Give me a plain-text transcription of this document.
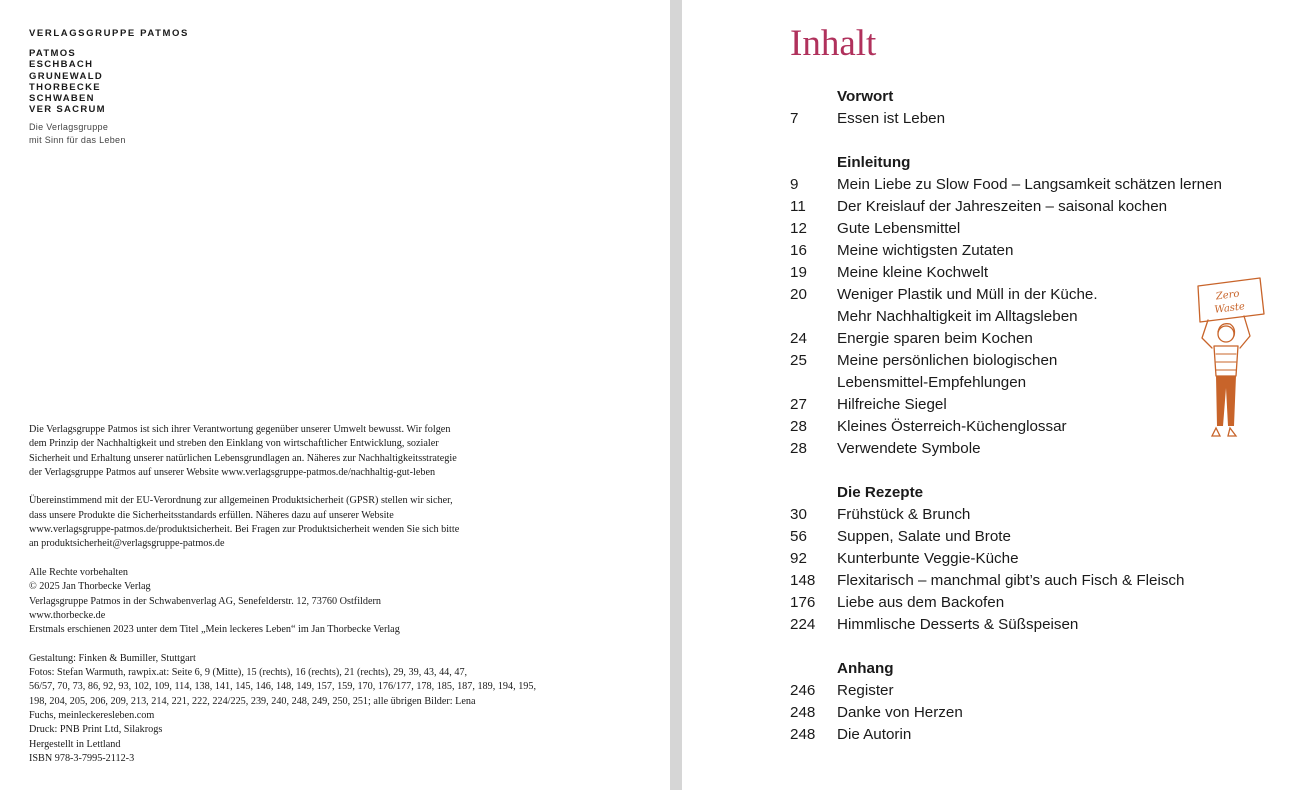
VERLAGSGRUPPE PATMOS
PATMOS
ESCHBACH
GRUNEWALD
THORBECKE
SCHWABEN
VER SACRUM
Die Verlagsgruppe
mit Sinn für das Leben

Die Verlagsgruppe Patmos ist sich ihrer Verantwortung gegenüber unserer Umwelt bewusst. Wir folgen
dem Prinzip der Nachhaltigkeit und streben den Einklang von wirtschaftlicher Entwicklung, sozialer
Sicherheit und Erhaltung unserer natürlichen Lebensgrundlagen an. Näheres zur Nachhaltigkeitsstrategie
der Verlagsgruppe Patmos auf unserer Website www.verlagsgruppe-patmos.de/nachhaltig-gut-leben

Übereinstimmend mit der EU-Verordnung zur allgemeinen Produktsicherheit (GPSR) stellen wir sicher,
dass unsere Produkte die Sicherheitsstandards erfüllen. Näheres dazu auf unserer Website
www.verlagsgruppe-patmos.de/produktsicherheit. Bei Fragen zur Produktsicherheit wenden Sie sich bitte
an produktsicherheit@verlagsgruppe-patmos.de

Alle Rechte vorbehalten
© 2025 Jan Thorbecke Verlag
Verlagsgruppe Patmos in der Schwabenverlag AG, Senefelderstr. 12, 73760 Ostfildern
www.thorbecke.de
Erstmals erschienen 2023 unter dem Titel „Mein leckeres Leben“ im Jan Thorbecke Verlag

Gestaltung: Finken & Bumiller, Stuttgart
Fotos: Stefan Warmuth, rawpix.at: Seite 6, 9 (Mitte), 15 (rechts), 16 (rechts), 21 (rechts), 29, 39, 43, 44, 47,
56/57, 70, 73, 86, 92, 93, 102, 109, 114, 138, 141, 145, 146, 148, 149, 157, 159, 170, 176/177, 178, 185, 187, 189, 194, 195,
198, 204, 205, 206, 209, 213, 214, 221, 222, 224/225, 239, 240, 248, 249, 250, 251; alle übrigen Bilder: Lena
Fuchs, meinleckeresleben.com
Druck: PNB Print Ltd, Silakrogs
Hergestellt in Lettland
ISBN 978-3-7995-2112-3

Inhalt
Vorwort
7	Essen ist Leben
Einleitung
9	Mein Liebe zu Slow Food – Langsamkeit schätzen lernen
11	Der Kreislauf der Jahreszeiten – saisonal kochen
12	Gute Lebensmittel
16	Meine wichtigsten Zutaten
19	Meine kleine Kochwelt
20	Weniger Plastik und Müll in der Küche.
Mehr Nachhaltigkeit im Alltagsleben
24	Energie sparen beim Kochen
25	Meine persönlichen biologischen
Lebensmittel-Empfehlungen
27	Hilfreiche Siegel
28	Kleines Österreich-Küchenglossar
28	Verwendete Symbole
Die Rezepte
30	Frühstück & Brunch
56	Suppen, Salate und Brote
92	Kunterbunte Veggie-Küche
148	Flexitarisch – manchmal gibt’s auch Fisch & Fleisch
176	Liebe aus dem Backofen
224	Himmlische Desserts & Süßspeisen
Anhang
246	Register
248	Danke von Herzen
248	Die Autorin
Zero
Waste
